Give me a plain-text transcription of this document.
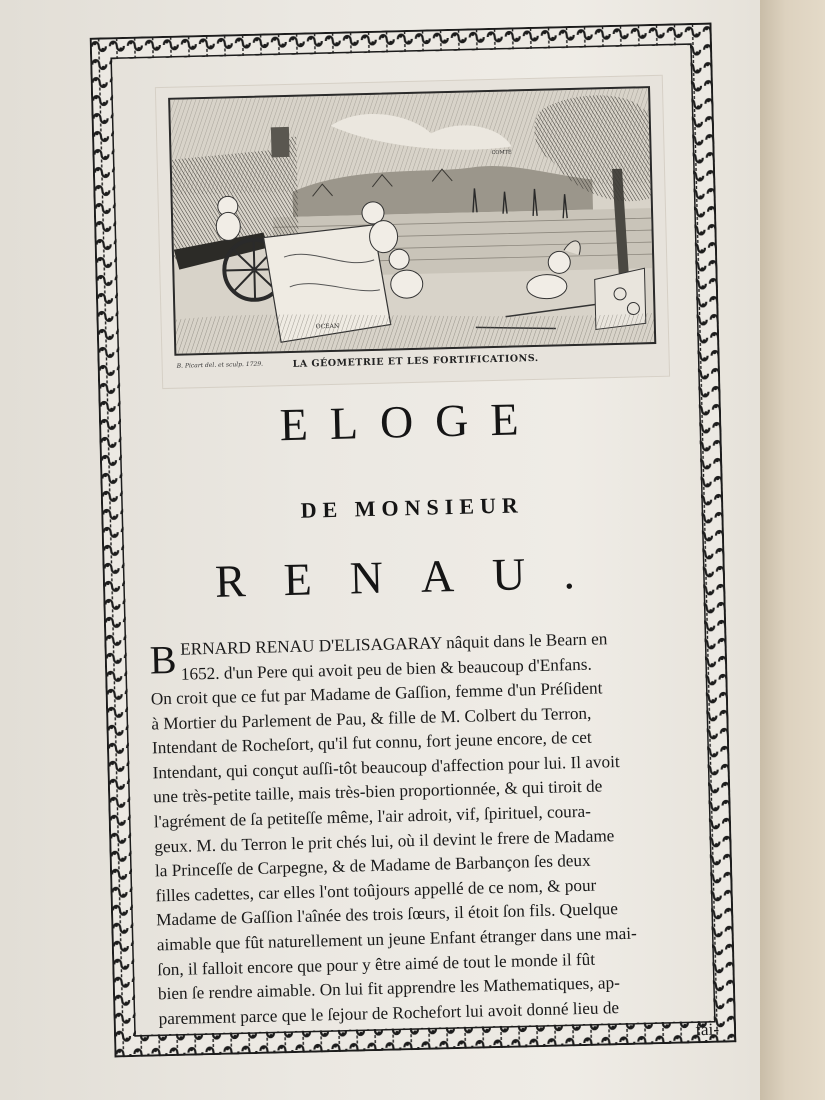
COMTÉ
B. Picart del. et sculp. 1729.	LA GÉOMETRIE ET LES FORTIFICATIONS.
ELOGE
DE MONSIEUR
RENAU.
B ERNARD RENAU D'ELISAGARAY nâquit dans le Bearn en
1652. d'un Pere qui avoit peu de bien & beaucoup d'Enfans.
On croit que ce fut par Madame de Gaſſion, femme d'un Préſident
à Mortier du Parlement de Pau, & fille de M. Colbert du Terron,
Intendant de Rocheſort, qu'il fut connu, fort jeune encore, de cet
Intendant, qui conçut auſſi-tôt beaucoup d'affection pour lui. Il avoit
une très-petite taille, mais très-bien proportionnée, & qui tiroit de
l'agrément de ſa petiteſſe même, l'air adroit, vif, ſpirituel, coura-
geux. M. du Terron le prit chés lui, où il devint le frere de Madame
la Princeſſe de Carpegne, & de Madame de Barbançon ſes deux
filles cadettes, car elles l'ont toûjours appellé de ce nom, & pour
Madame de Gaſſion l'aînée des trois ſœurs, il étoit ſon fils. Quelque
aimable que fût naturellement un jeune Enfant étranger dans une mai-
ſon, il falloit encore que pour y être aimé de tout le monde il fût
bien ſe rendre aimable. On lui fit apprendre les Mathematiques, ap-
paremment parce que le ſejour de Rochefort lui avoit donné lieu de
fai-
